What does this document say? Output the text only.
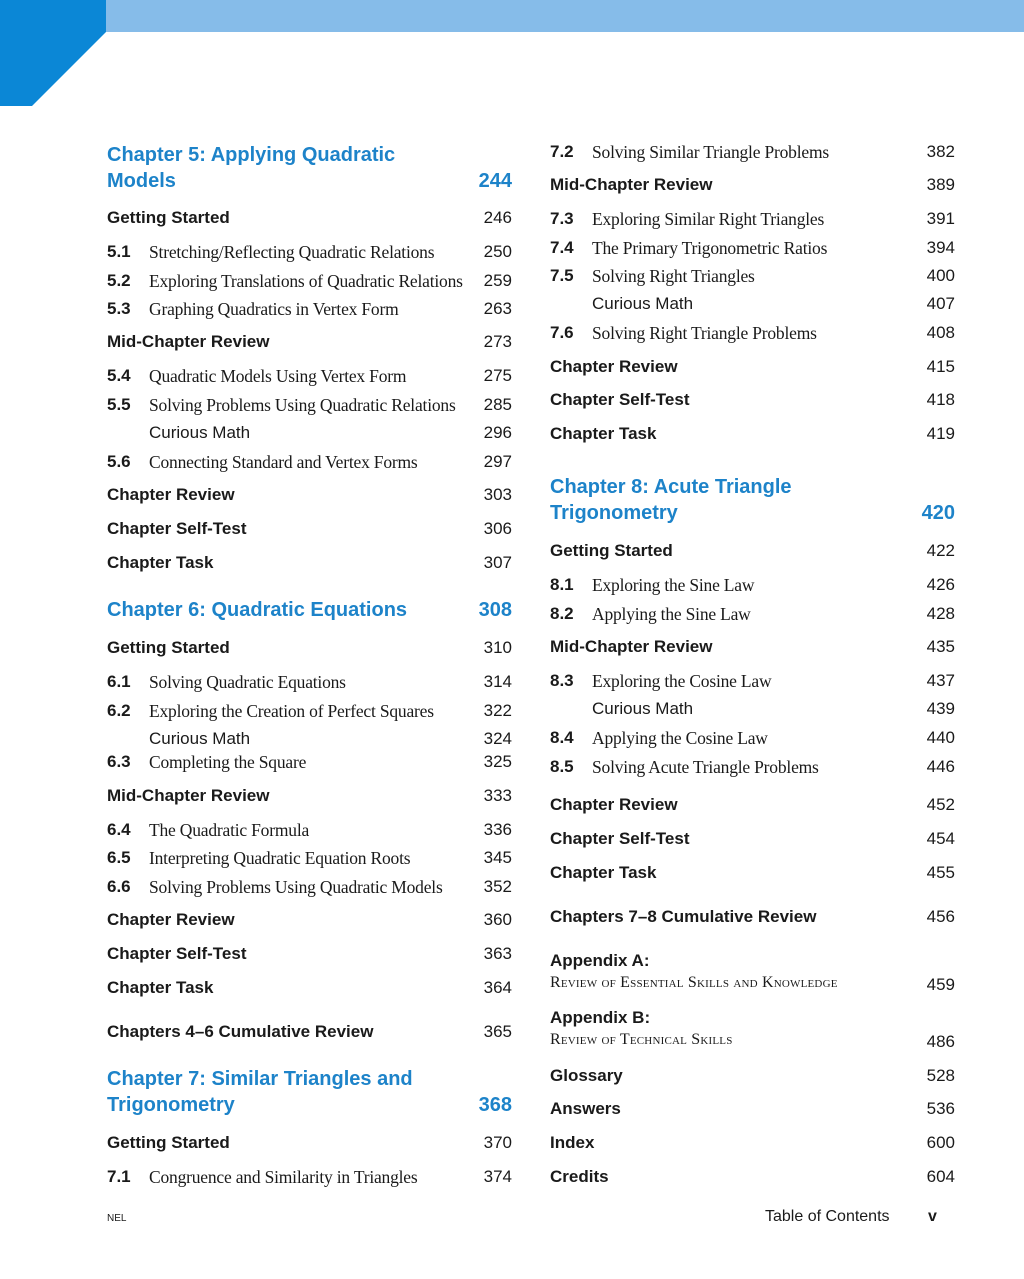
Chapter 5: Applying Quadratic Models	244
Getting Started	246
5.1 Stretching/Reflecting Quadratic Relations	250
5.2 Exploring Translations of Quadratic Relations 259
5.3 Graphing Quadratics in Vertex Form	263
Mid-Chapter Review	273
5.4 Quadratic Models Using Vertex Form	275
5.5 Solving Problems Using Quadratic Relations 285
Curious Math	296
5.6 Connecting Standard and Vertex Forms	297
Chapter Review	303
Chapter Self-Test	306
Chapter Task	307
Chapter 6: Quadratic Equations	308
Getting Started	310
6.1 Solving Quadratic Equations	314
6.2 Exploring the Creation of Perfect Squares	322
Curious Math	324
6.3 Completing the Square	325
Mid-Chapter Review	333
6.4 The Quadratic Formula	336
6.5 Interpreting Quadratic Equation Roots	345
6.6 Solving Problems Using Quadratic Models 352
Chapter Review	360
Chapter Self-Test	363
Chapter Task	364
Chapters 4–6 Cumulative Review	365
Chapter 7: Similar Triangles and Trigonometry	368
Getting Started	370
7.1 Congruence and Similarity in Triangles	374
7.2 Solving Similar Triangle Problems	382
Mid-Chapter Review	389
7.3 Exploring Similar Right Triangles	391
7.4 The Primary Trigonometric Ratios	394
7.5 Solving Right Triangles	400
Curious Math	407
7.6 Solving Right Triangle Problems	408
Chapter Review	415
Chapter Self-Test	418
Chapter Task	419
Chapter 8: Acute Triangle Trigonometry	420
Getting Started	422
8.1 Exploring the Sine Law	426
8.2 Applying the Sine Law	428
Mid-Chapter Review	435
8.3 Exploring the Cosine Law	437
Curious Math	439
8.4 Applying the Cosine Law	440
8.5 Solving Acute Triangle Problems	446
Chapter Review	452
Chapter Self-Test	454
Chapter Task	455
Chapters 7–8 Cumulative Review	456
Appendix A:
Review of Essential Skills and Knowledge	459
Appendix B:
Review of Technical Skills	486
Glossary	528
Answers	536
Index	600
Credits	604
NEL	Table of Contents v
